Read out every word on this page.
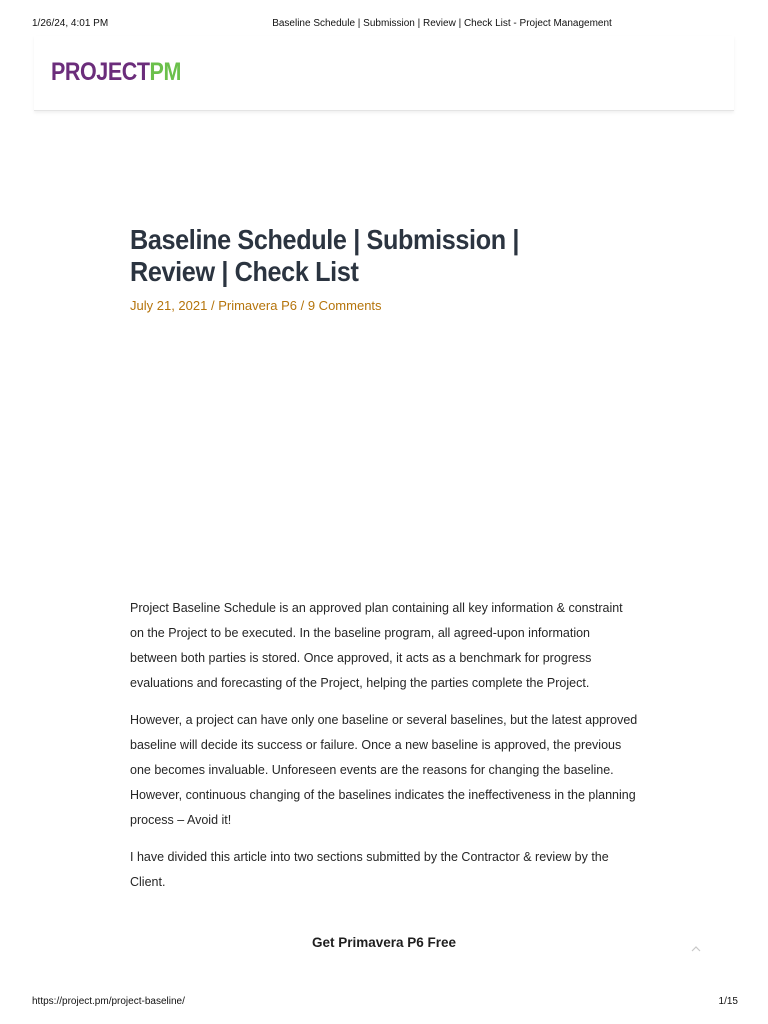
1/26/24, 4:01 PM	Baseline Schedule | Submission | Review | Check List - Project Management
PROJECTPM
Baseline Schedule | Submission | Review | Check List
July 21, 2021 / Primavera P6 / 9 Comments

Project Baseline Schedule is an approved plan containing all key information & constraint on the Project to be executed. In the baseline program, all agreed-upon information between both parties is stored. Once approved, it acts as a benchmark for progress evaluations and forecasting of the Project, helping the parties complete the Project.

However, a project can have only one baseline or several baselines, but the latest approved baseline will decide its success or failure. Once a new baseline is approved, the previous one becomes invaluable. Unforeseen events are the reasons for changing the baseline. However, continuous changing of the baselines indicates the ineffectiveness in the planning process – Avoid it!

I have divided this article into two sections submitted by the Contractor & review by the Client.

Get Primavera P6 Free
https://project.pm/project-baseline/	1/15
